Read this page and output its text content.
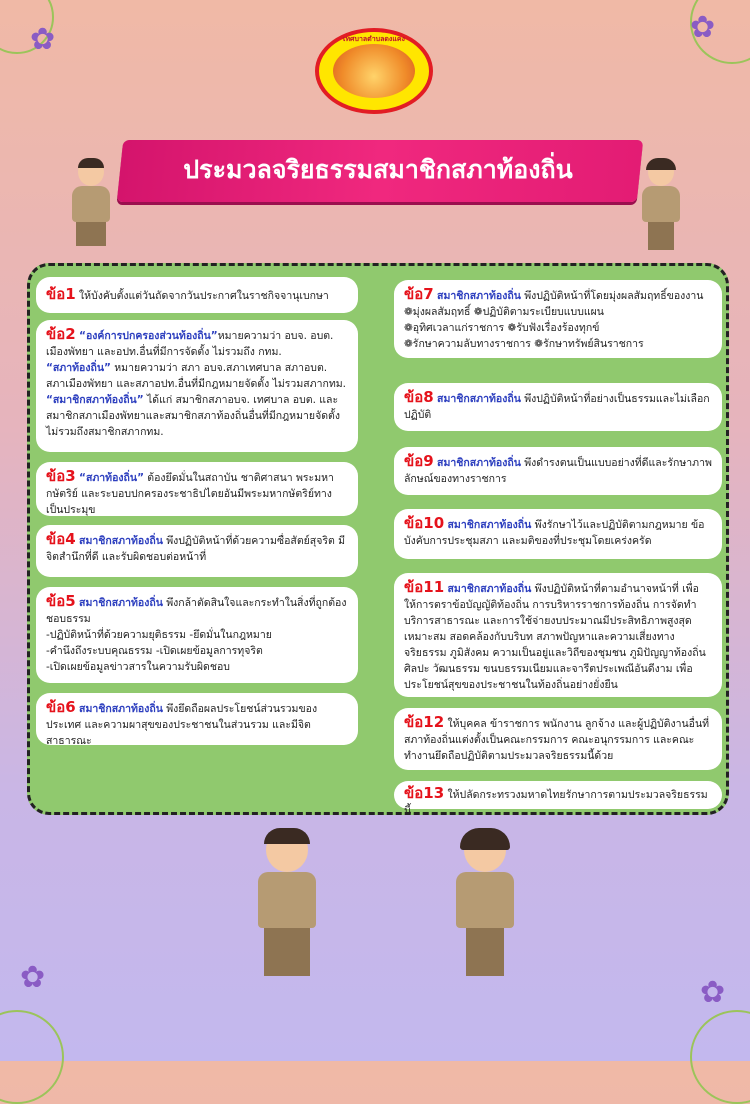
✿	✿
✿	✿
เทศบาลตำบลดงแคง
ประมวลจริยธรรมสมาชิกสภาท้องถิ่น
ข้อ1 ให้บังคับตั้งแต่วันถัดจากวันประกาศในราชกิจจานุเบกษา
ข้อ2 “องค์การปกครองส่วนท้องถิ่น”หมายความว่า อบจ. อบต. เมืองพัทยา และอปท.อื่นที่มีการจัดตั้ง ไม่รวมถึง กทม.
“สภาท้องถิ่น” หมายความว่า สภา อบจ.สภาเทศบาล สภาอบต. สภาเมืองพัทยา และสภาอปท.อื่นที่มีกฎหมายจัดตั้ง ไม่รวมสภากทม.
“สมาชิกสภาท้องถิ่น” ได้แก่ สมาชิกสภาอบจ. เทศบาล อบต. และสมาชิกสภาเมืองพัทยาและสมาชิกสภาท้องถิ่นอื่นที่มีกฎหมายจัดตั้ง ไม่รวมถึงสมาชิกสภากทม.
ข้อ3 “สภาท้องถิ่น” ต้องยึดมั่นในสถาบัน ชาติศาสนา พระมหากษัตริย์ และระบอบปกครองระชาธิปไตยอันมีพระมหากษัตริย์ทางเป็นประมุข
ข้อ4 สมาชิกสภาท้องถิ่น พึงปฏิบัติหน้าที่ด้วยความซื่อสัตย์สุจริต มีจิตสำนึกที่ดี และรับผิดชอบต่อหน้าที่
ข้อ5 สมาชิกสภาท้องถิ่น พึงกล้าตัดสินใจและกระทำในสิ่งที่ถูกต้อง ชอบธรรม
-ปฏิบัติหน้าที่ด้วยความยุติธรรม -ยึดมั่นในกฎหมาย
-คำนึงถึงระบบคุณธรรม -เปิดเผยข้อมูลการทุจริต
-เปิดเผยข้อมูลข่าวสารในความรับผิดชอบ
ข้อ6 สมาชิกสภาท้องถิ่น พึงยึดถือผลประโยชน์ส่วนรวมของประเทศ และความผาสุขของประชาชนในส่วนรวม และมีจิตสาธารณะ
ข้อ7 สมาชิกสภาท้องถิ่น พึงปฏิบัติหน้าที่โดยมุ่งผลสัมฤทธิ์ของงาน
❁มุ่งผลสัมฤทธิ์ ❁ปฏิบัติตามระเบียบแบบแผน
❁อุทิศเวลาแก่ราชการ ❁รับฟังเรื่องร้องทุกข์
❁รักษาความลับทางราชการ ❁รักษาทรัพย์สินราชการ
ข้อ8 สมาชิกสภาท้องถิ่น พึงปฏิบัติหน้าที่อย่างเป็นธรรมและไม่เลือกปฏิบัติ
ข้อ9 สมาชิกสภาท้องถิ่น พึงดำรงตนเป็นแบบอย่างที่ดีและรักษาภาพลักษณ์ของทางราชการ
ข้อ10 สมาชิกสภาท้องถิ่น พึงรักษาไว้และปฏิบัติตามกฎหมาย ข้อบังคับการประชุมสภา และมติของที่ประชุมโดยเคร่งครัด
ข้อ11 สมาชิกสภาท้องถิ่น พึงปฏิบัติหน้าที่ตามอำนาจหน้าที่ เพื่อให้การตราข้อบัญญัติท้องถิ่น การบริหารราชการท้องถิ่น การจัดทำบริการสาธารณะ และการใช้จ่ายงบประมาณมีประสิทธิภาพสูงสุด เหมาะสม สอดคล้องกับบริบท สภาพปัญหาและความเสี่ยงทางจริยธรรม ภูมิสังคม ความเป็นอยู่และวิถีของชุมชน ภูมิปัญญาท้องถิ่น ศิลปะ วัฒนธรรม ขนบธรรมเนียมและจารีตประเพณีอันดีงาม เพื่อประโยชน์สุขของประชาชนในท้องถิ่นอย่างยั่งยืน
ข้อ12 ให้บุคคล ข้าราชการ พนักงาน ลูกจ้าง และผู้ปฏิบัติงานอื่นที่สภาท้องถิ่นแต่งตั้งเป็นคณะกรรมการ คณะอนุกรรมการ และคณะทำงานยึดถือปฏิบัติตามประมวลจริยธรรมนี้ด้วย
ข้อ13 ให้ปลัดกระทรวงมหาดไทยรักษาการตามประมวลจริยธรรมนี้
